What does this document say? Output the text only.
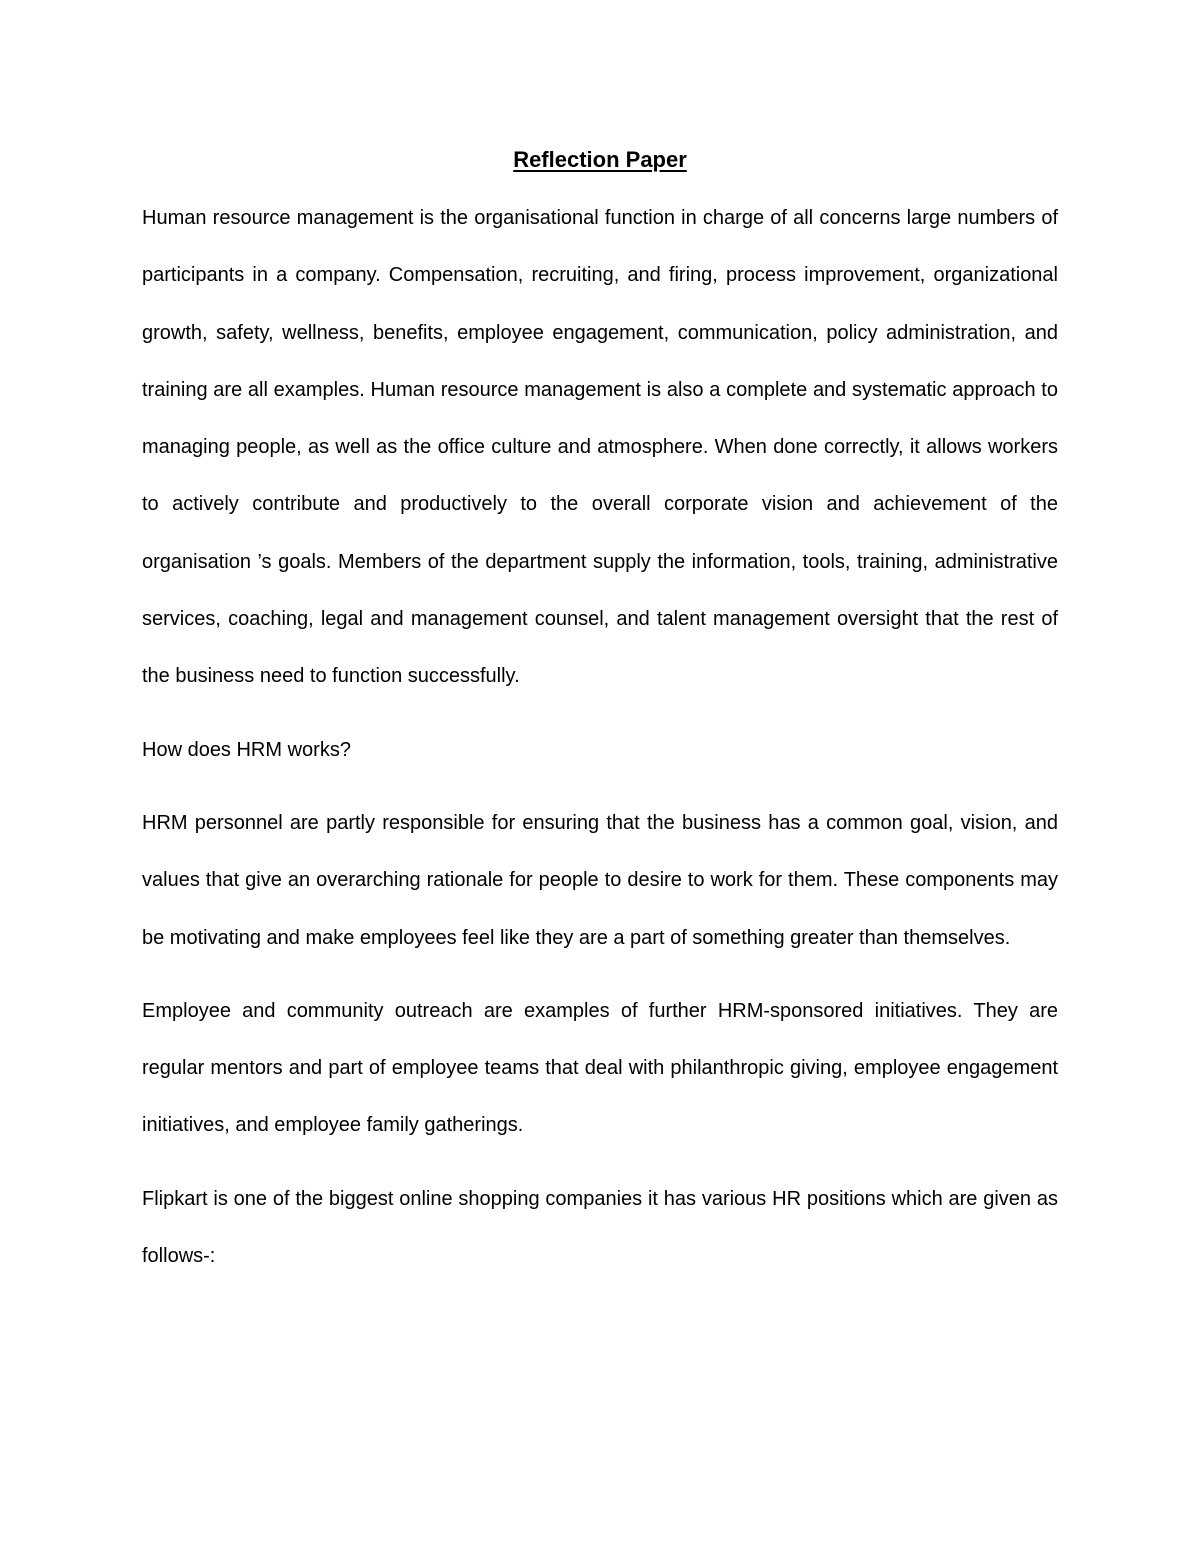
Reflection Paper

Human resource management is the organisational function in charge of all concerns large numbers of participants in a company. Compensation, recruiting, and firing, process improvement, organizational growth, safety, wellness, benefits, employee engagement, communication, policy administration, and training are all examples. Human resource management is also a complete and systematic approach to managing people, as well as the office culture and atmosphere. When done correctly, it allows workers to actively contribute and productively to the overall corporate vision and achievement of the organisation ’s goals. Members of the department supply the information, tools, training, administrative services, coaching, legal and management counsel, and talent management oversight that the rest of the business need to function successfully.

How does HRM works?

HRM personnel are partly responsible for ensuring that the business has a common goal, vision, and values that give an overarching rationale for people to desire to work for them. These components may be motivating and make employees feel like they are a part of something greater than themselves.

Employee and community outreach are examples of further HRM-sponsored initiatives. They are regular mentors and part of employee teams that deal with philanthropic giving, employee engagement initiatives, and employee family gatherings.

Flipkart is one of the biggest online shopping companies it has various HR positions which are given as follows-:
